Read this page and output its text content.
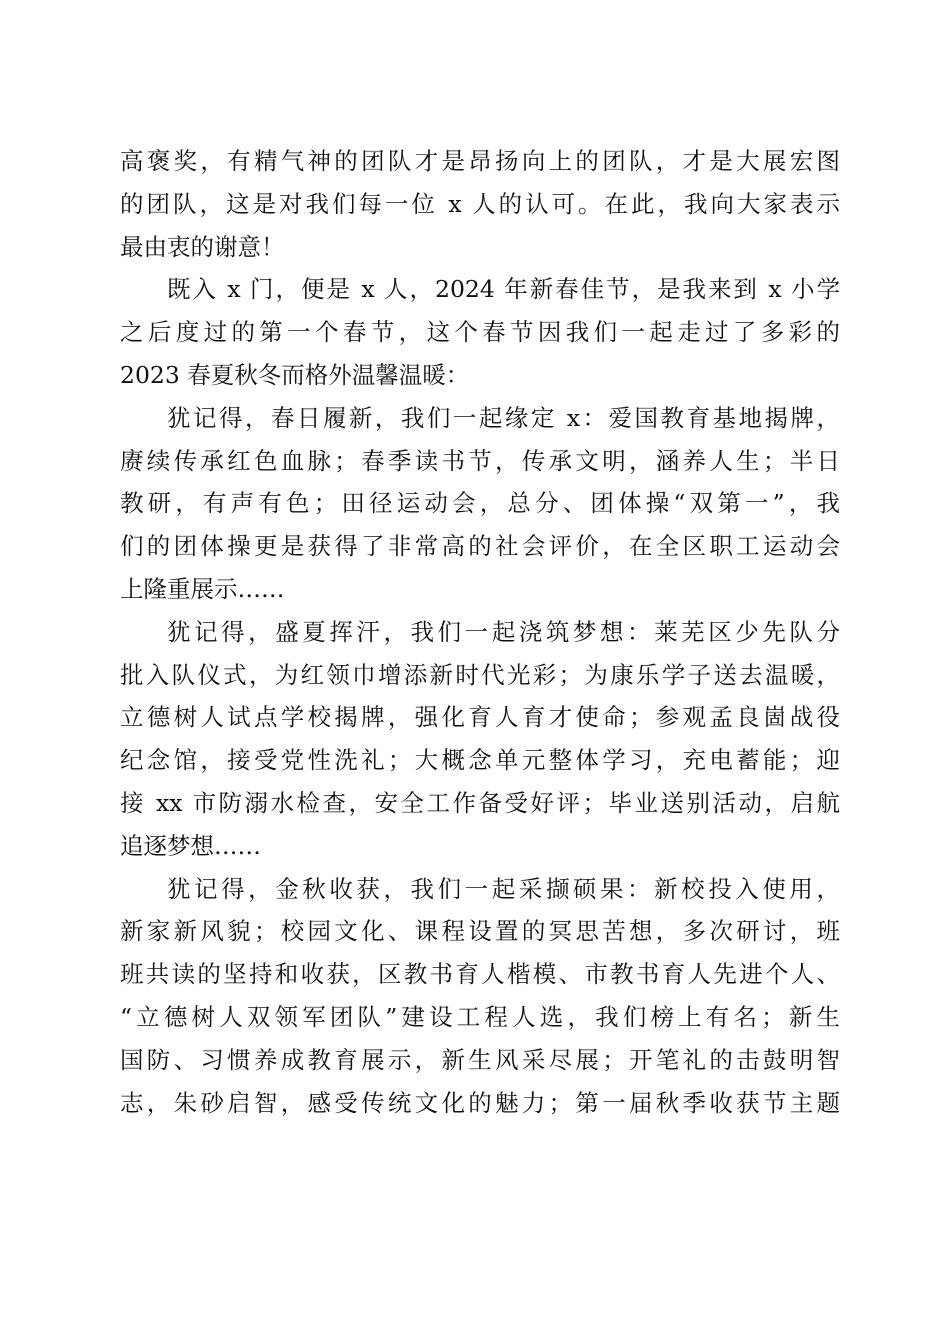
高褒奖，有精气神的团队才是昂扬向上的团队，才是大展宏图
的团队，这是对我们每一位 x 人的认可。在此，我向大家表示
最由衷的谢意！
既入 x 门，便是 x 人，2024 年新春佳节，是我来到 x 小学
之后度过的第一个春节，这个春节因我们一起走过了多彩的
2023 春夏秋冬而格外温馨温暖：
犹记得，春日履新，我们一起缘定 x：爱国教育基地揭牌，
赓续传承红色血脉；春季读书节，传承文明，涵养人生；半日
教研，有声有色；田径运动会，总分、团体操“双第一”，我
们的团体操更是获得了非常高的社会评价，在全区职工运动会
上隆重展示……
犹记得，盛夏挥汗，我们一起浇筑梦想：莱芜区少先队分
批入队仪式，为红领巾增添新时代光彩；为康乐学子送去温暖，
立德树人试点学校揭牌，强化育人育才使命；参观孟良崮战役
纪念馆，接受党性洗礼；大概念单元整体学习，充电蓄能；迎
接 xx 市防溺水检查，安全工作备受好评；毕业送别活动，启航
追逐梦想……
犹记得，金秋收获，我们一起采撷硕果：新校投入使用，
新家新风貌；校园文化、课程设置的冥思苦想，多次研讨，班
班共读的坚持和收获，区教书育人楷模、市教书育人先进个人、
“立德树人双领军团队”建设工程人选，我们榜上有名；新生
国防、习惯养成教育展示，新生风采尽展；开笔礼的击鼓明智
志，朱砂启智，感受传统文化的魅力；第一届秋季收获节主题
